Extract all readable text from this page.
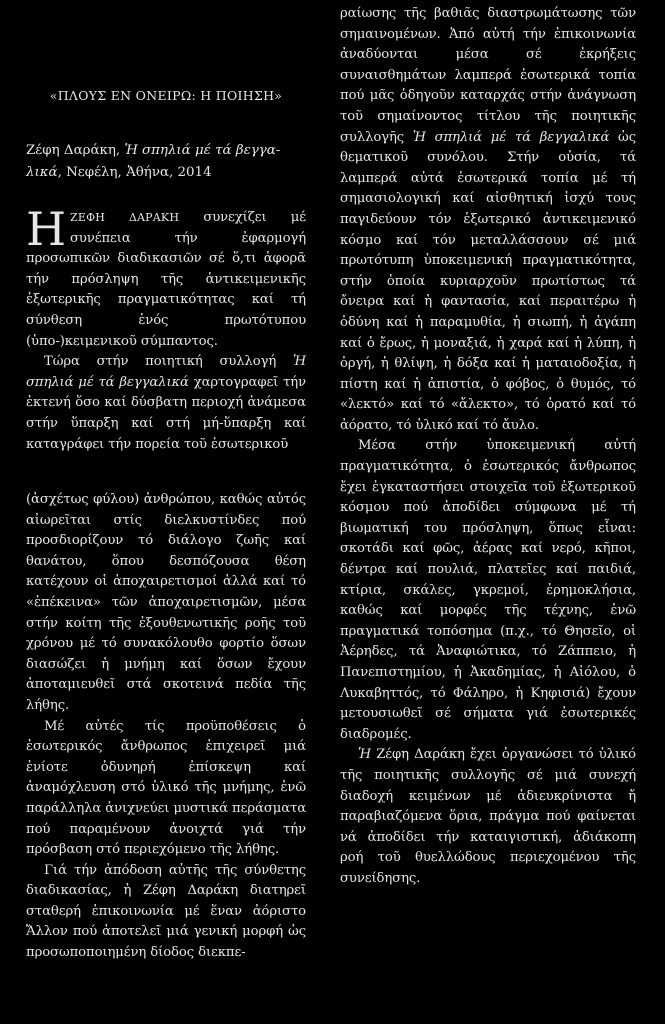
«ΠΛΟΥΣ ΕΝ ΟΝΕΙΡΩ: Η ΠΟΙΗΣΗ»
Ζέφη Δαράκη, Ἡ σπηλιά μέ τά βεγγα-λικά, Νεφέλη, Ἀθήνα, 2014

ΗΖΕΦΗ ΔΑΡΑΚΗ συνεχίζει μέ συνέπεια τήν ἐφαρμογή προσωπικῶν διαδικασιῶν σέ ὅ,τι ἀφορᾶ τήν πρόσληψη τῆς ἀντικειμενικῆς ἐξωτερικῆς πραγματικότητας καί τή σύνθεση ἑνός πρωτότυπου (ὑπο-)κειμενικοῦ σύμπαντος.

Τώρα στήν ποιητική συλλογή Ἡ σπηλιά μέ τά βεγγαλικά χαρτογραφεῖ τήν ἐκτενή ὅσο καί δύσβατη περιοχή ἀνάμεσα στήν ὕπαρξη καί στή μή-ὕπαρξη καί καταγράφει τήν πορεία τοῦ ἐσωτερικοῦ

(ἀσχέτως φύλου) ἀνθρώπου, καθώς αὐτός αἰωρεῖται στίς διελκυστίνδες πού προσδιορίζουν τό διάλογο ζωῆς καί θανάτου, ὅπου δεσπόζουσα θέση κατέχουν οἱ ἀποχαιρετισμοί ἀλλά καί τό «ἐπέκεινα» τῶν ἀποχαιρετισμῶν, μέσα στήν κοίτη τῆς ἐξουθενωτικῆς ροῆς τοῦ χρόνου μέ τό συνακόλουθο φορτίο ὅσων διασώζει ἡ μνήμη καί ὅσων ἔχουν ἀποταμιευθεῖ στά σκοτεινά πεδία τῆς λήθης.

Μέ αὐτές τίς προϋποθέσεις ὁ ἐσωτερικός ἄνθρωπος ἐπιχειρεῖ μιά ἐνίοτε ὀδυνηρή ἐπίσκεψη καί ἀναμόχλευση στό ὑλικό τῆς μνήμης, ἐνῶ παράλληλα ἀνιχνεύει μυστικά περάσματα πού παραμένουν ἀνοιχτά γιά τήν πρόσβαση στό περιεχόμενο τῆς λήθης.

Γιά τήν ἀπόδοση αὐτῆς τῆς σύνθετης διαδικασίας, ἡ Ζέφη Δαράκη διατηρεῖ σταθερή ἐπικοινωνία μέ ἕναν ἀόριστο Ἄλλον πού ἀποτελεῖ μιά γενική μορφή ὡς προσωποποιημένη δίοδος διεκπε-

ραίωσης τῆς βαθιᾶς διαστρωμάτωσης τῶν σημαινομένων. Ἀπό αὐτή τήν ἐπικοινωνία ἀναδύονται μέσα σέ ἐκρήξεις συναισθημάτων λαμπερά ἐσωτερικά τοπία πού μᾶς ὁδηγοῦν καταρχάς στήν ἀνάγνωση τοῦ σημαίνοντος τίτλου τῆς ποιητικῆς συλλογῆς Ἡ σπηλιά μέ τά βεγγαλικά ὡς θεματικοῦ συνόλου. Στήν οὐσία, τά λαμπερά αὐτά ἐσωτερικά τοπία μέ τή σημασιολογική καί αἰσθητική ἰσχύ τους παγιδεύουν τόν ἐξωτερικό ἀντικειμενικό κόσμο καί τόν μεταλλάσσουν σέ μιά πρωτότυπη ὑποκειμενική πραγματικότητα, στήν ὁποία κυριαρχοῦν πρωτίστως τά ὄνειρα καί ἡ φαντασία, καί περαιτέρω ἡ ὀδύνη καί ἡ παραμυθία, ἡ σιωπή, ἡ ἀγάπη καί ὁ ἔρως, ἡ μοναξιά, ἡ χαρά καί ἡ λύπη, ἡ ὀργή, ἡ θλίψη, ἡ δόξα καί ἡ ματαιοδοξία, ἡ πίστη καί ἡ ἀπιστία, ὁ φόβος, ὁ θυμός, τό «λεκτό» καί τό «ἄλεκτο», τό ὁρατό καί τό ἀόρατο, τό ὑλικό καί τό ἄυλο.

Μέσα στήν ὑποκειμενική αὐτή πραγματικότητα, ὁ ἐσωτερικός ἄνθρωπος ἔχει ἐγκαταστήσει στοιχεῖα τοῦ ἐξωτερικοῦ κόσμου πού ἀποδίδει σύμφωνα μέ τή βιωματική του πρόσληψη, ὅπως εἶναι: σκοτάδι καί φῶς, ἀέρας καί νερό, κῆποι, δέντρα καί πουλιά, πλατεῖες καί παιδιά, κτίρια, σκάλες, γκρεμοί, ἐρημοκλήσια, καθώς καί μορφές τῆς τέχνης, ἐνῶ πραγματικά τοπόσημα (π.χ., τό Θησεῖο, οἱ Ἀέρηδες, τά Ἀναφιώτικα, τό Ζάππειο, ἡ Πανεπιστημίου, ἡ Ἀκαδημίας, ἡ Αἰόλου, ὁ Λυκαβηττός, τό Φάληρο, ἡ Κηφισιά) ἔχουν μετουσιωθεῖ σέ σήματα γιά ἐσωτερικές διαδρομές.

Ἡ Ζέφη Δαράκη ἔχει ὀργανώσει τό ὑλικό τῆς ποιητικῆς συλλογῆς σέ μιά συνεχή διαδοχή κειμένων μέ ἀδιευκρίνιστα ἤ παραβιαζόμενα ὅρια, πράγμα πού φαίνεται νά ἀποδίδει τήν καταιγιστική, ἀδιάκοπη ροή τοῦ θυελλώδους περιεχομένου τῆς συνείδησης.
